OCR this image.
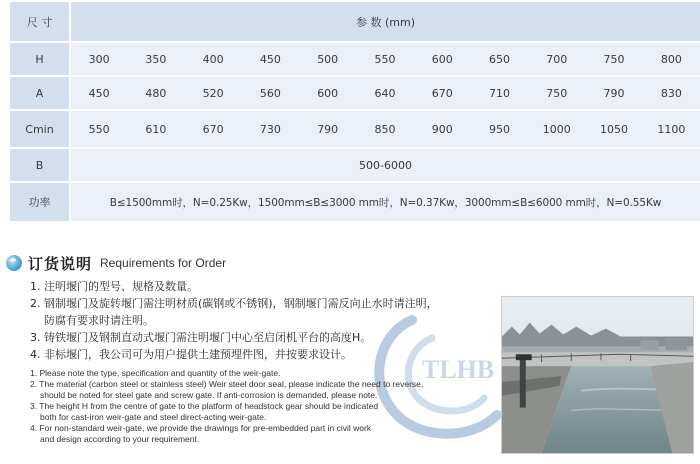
尺 寸	参 数 (mm)										
H	300	350	400	450	500	550	600	650	700	750	800
A	450	480	520	560	600	640	670	710	750	790	830
Cmin	550	610	670	730	790	850	900	950	1000	1050	1100
B	500-6000										
功率	B≤1500mm时，N=0.25Kw，1500mm≤B≤3000 mm时，N=0.37Kw，3000mm≤B≤6000 mm时，N=0.55Kw										
订货说明 Requirements for Order
1. 注明堰门的型号、规格及数量。
2. 钢制堰门及旋转堰门需注明材质(碳钢或不锈钢)，钢制堰门需反向止水时请注明，
防腐有要求时请注明。
3. 铸铁堰门及钢制直动式堰门需注明堰门中心至启闭机平台的高度H。
4. 非标堰门，我公司可为用户提供土建预埋件图，并按要求设计。
TLHB
1. Please note the type, specification and quantity of the weir-gate.
2. The material (carbon steel or stainless steel) Weir steel door seal, please indicate the need to reverse,
should be noted for steel gate and screw gate. If anti-corrosion is demanded, please note.
3. The height H from the centre of gate to the platform of headstock gear should be indicated
both for cast-iron weir-gate and steel direct-acting weir-gate.
4. For non-standard weir-gate, we provide the drawings for pre-embedded part in civil work
and design according to your requirement.
